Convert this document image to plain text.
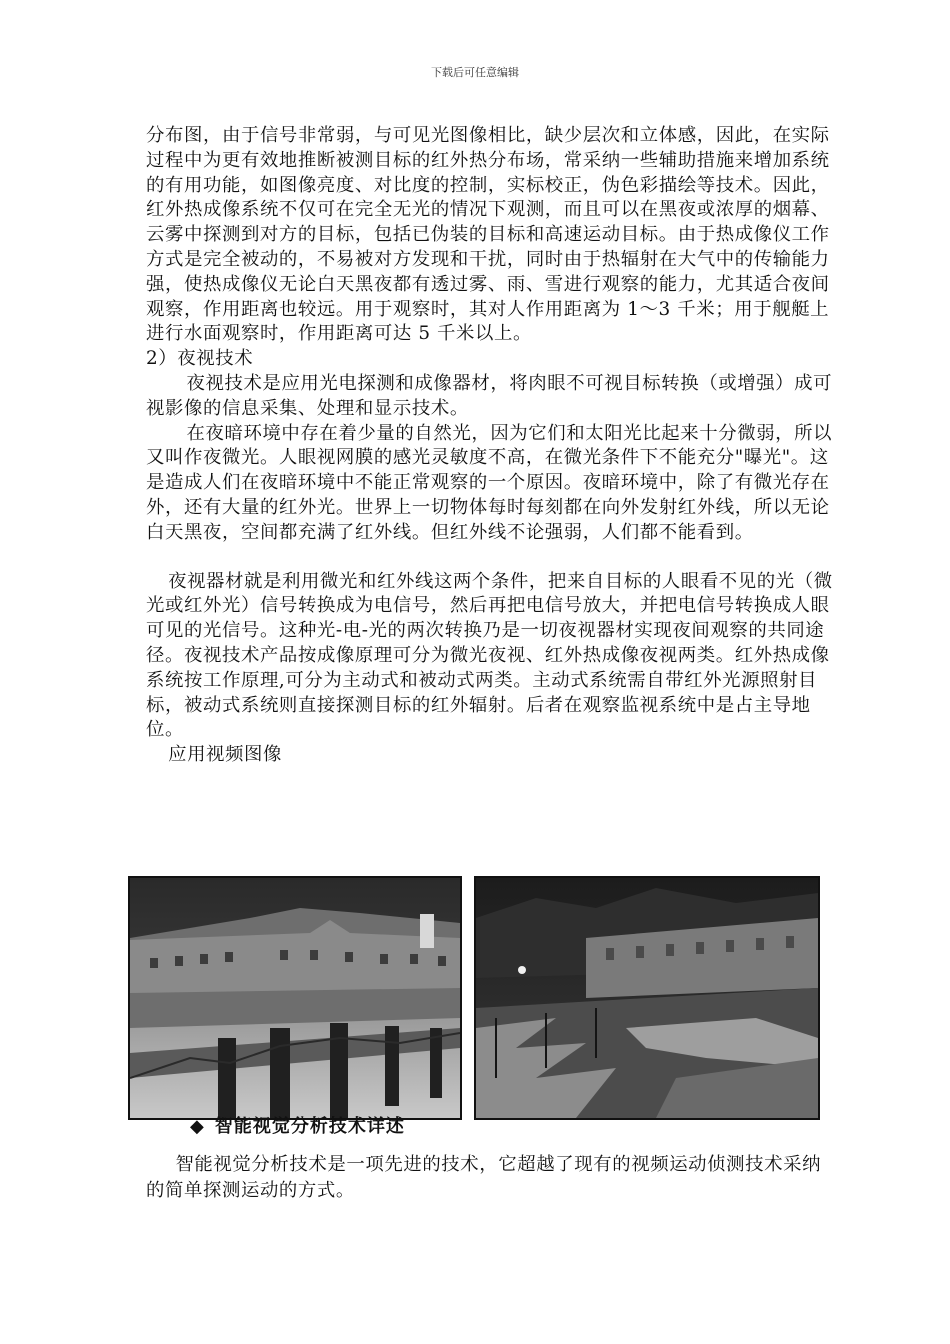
下载后可任意编辑

分布图，由于信号非常弱，与可见光图像相比，缺少层次和立体感，因此，在实际过程中为更有效地推断被测目标的红外热分布场，常采纳一些辅助措施来增加系统的有用功能，如图像亮度、对比度的控制，实标校正，伪色彩描绘等技术。因此，红外热成像系统不仅可在完全无光的情况下观测，而且可以在黑夜或浓厚的烟幕、云雾中探测到对方的目标，包括已伪装的目标和高速运动目标。由于热成像仪工作方式是完全被动的，不易被对方发现和干扰，同时由于热辐射在大气中的传输能力强，使热成像仪无论白天黑夜都有透过雾、雨、雪进行观察的能力，尤其适合夜间观察，作用距离也较远。用于观察时，其对人作用距离为 1～3 千米；用于舰艇上进行水面观察时，作用距离可达 5 千米以上。

2）夜视技术

夜视技术是应用光电探测和成像器材，将肉眼不可视目标转换（或增强）成可视影像的信息采集、处理和显示技术。

在夜暗环境中存在着少量的自然光，因为它们和太阳光比起来十分微弱，所以又叫作夜微光。人眼视网膜的感光灵敏度不高，在微光条件下不能充分"曝光"。这是造成人们在夜暗环境中不能正常观察的一个原因。夜暗环境中，除了有微光存在外，还有大量的红外光。世界上一切物体每时每刻都在向外发射红外线，所以无论白天黑夜，空间都充满了红外线。但红外线不论强弱，人们都不能看到。

夜视器材就是利用微光和红外线这两个条件，把来自目标的人眼看不见的光（微光或红外光）信号转换成为电信号，然后再把电信号放大，并把电信号转换成人眼可见的光信号。这种光-电-光的两次转换乃是一切夜视器材实现夜间观察的共同途径。夜视技术产品按成像原理可分为微光夜视、红外热成像夜视两类。红外热成像系统按工作原理,可分为主动式和被动式两类。主动式系统需自带红外光源照射目标，被动式系统则直接探测目标的红外辐射。后者在观察监视系统中是占主导地位。

应用视频图像

◆ 智能视觉分析技术详述

智能视觉分析技术是一项先进的技术，它超越了现有的视频运动侦测技术采纳的简单探测运动的方式。
